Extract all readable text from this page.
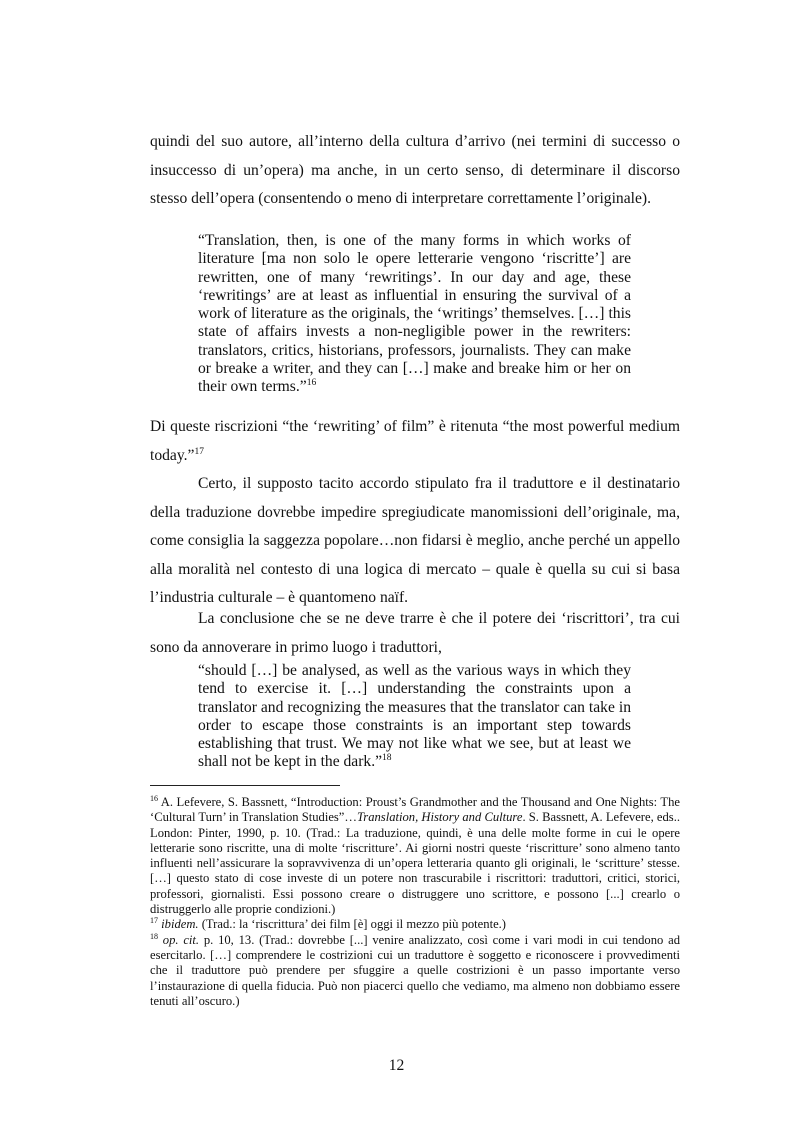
quindi del suo autore, all’interno della cultura d’arrivo (nei termini di successo o insuccesso di un’opera) ma anche, in un certo senso, di determinare il discorso stesso dell’opera (consentendo o meno di interpretare correttamente l’originale).

“Translation, then, is one of the many forms in which works of literature [ma non solo le opere letterarie vengono ‘riscritte’] are rewritten, one of many ‘rewritings’. In our day and age, these ‘rewritings’ are at least as influential in ensuring the survival of a work of literature as the originals, the ‘writings’ themselves. […] this state of affairs invests a non-negligible power in the rewriters: translators, critics, historians, professors, journalists. They can make or breake a writer, and they can […] make and breake him or her on their own terms.”$^{16}$

Di queste riscrizioni “the ‘rewriting’ of film” è ritenuta “the most powerful medium today.”$^{17}$

Certo, il supposto tacito accordo stipulato fra il traduttore e il destinatario della traduzione dovrebbe impedire spregiudicate manomissioni dell’originale, ma, come consiglia la saggezza popolare…non fidarsi è meglio, anche perché un appello alla moralità nel contesto di una logica di mercato – quale è quella su cui si basa l’industria culturale – è quantomeno naïf.

La conclusione che se ne deve trarre è che il potere dei ‘riscrittori’, tra cui sono da annoverare in primo luogo i traduttori,

“should […] be analysed, as well as the various ways in which they tend to exercise it. […] understanding the constraints upon a translator and recognizing the measures that the translator can take in order to escape those constraints is an important step towards establishing that trust. We may not like what we see, but at least we shall not be kept in the dark.”$^{18}$

$^{16}$ A. Lefevere, S. Bassnett, “Introduction: Proust’s Grandmother and the Thousand and One Nights: The ‘Cultural Turn’ in Translation Studies”…Translation, History and Culture. S. Bassnett, A. Lefevere, eds.. London: Pinter, 1990, p. 10. (Trad.: La traduzione, quindi, è una delle molte forme in cui le opere letterarie sono riscritte, una di molte ‘riscritture’. Ai giorni nostri queste ‘riscritture’ sono almeno tanto influenti nell’assicurare la sopravvivenza di un’opera letteraria quanto gli originali, le ‘scritture’ stesse. […] questo stato di cose investe di un potere non trascurabile i riscrittori: traduttori, critici, storici, professori, giornalisti. Essi possono creare o distruggere uno scrittore, e possono [...] crearlo o distruggerlo alle proprie condizioni.)

$^{17}$ ibidem. (Trad.: la ‘riscrittura’ dei film [è] oggi il mezzo più potente.)

$^{18}$ op. cit. p. 10, 13. (Trad.: dovrebbe [...] venire analizzato, così come i vari modi in cui tendono ad esercitarlo. […] comprendere le costrizioni cui un traduttore è soggetto e riconoscere i provvedimenti che il traduttore può prendere per sfuggire a quelle costrizioni è un passo importante verso l’instaurazione di quella fiducia. Può non piacerci quello che vediamo, ma almeno non dobbiamo essere tenuti all’oscuro.)

12
